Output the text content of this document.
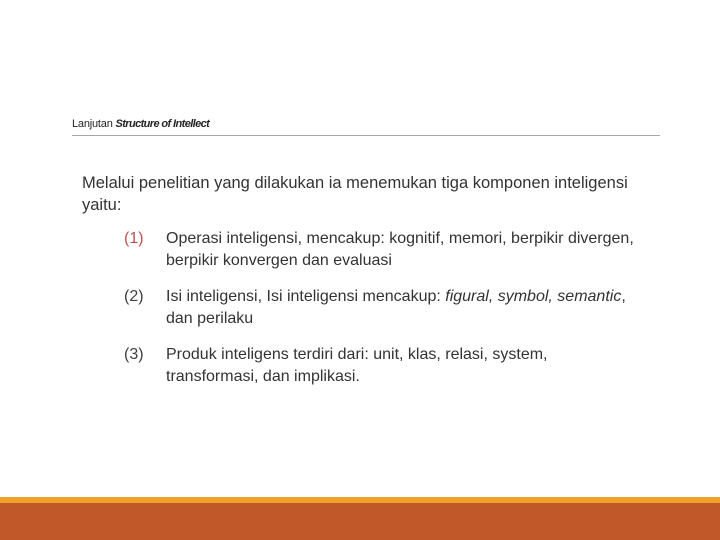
Lanjutan Structure of Intellect
Melalui penelitian yang dilakukan ia menemukan tiga komponen inteligensi yaitu:
(1)	Operasi inteligensi, mencakup: kognitif, memori, berpikir divergen, berpikir konvergen dan evaluasi
(2)	Isi inteligensi, Isi inteligensi mencakup: figural, symbol, semantic, dan perilaku
(3)	Produk inteligens terdiri dari: unit, klas, relasi, system, transformasi, dan implikasi.
